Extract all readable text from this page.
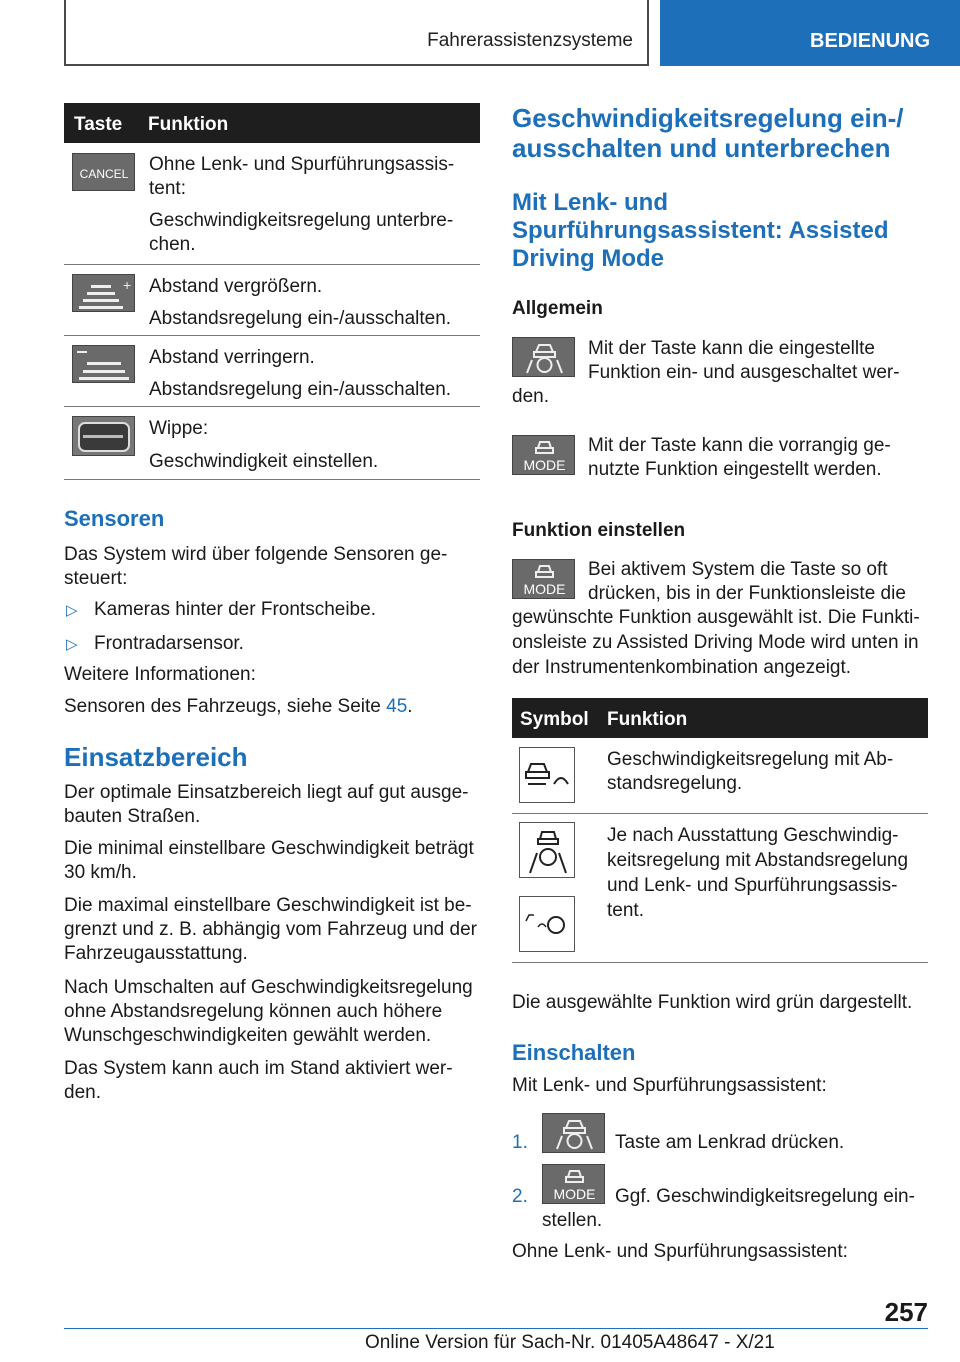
Fahrerassistenzsysteme	BEDIENUNG
Taste Funktion
CANCEL Ohne Lenk- und Spurführungsassis-
tent:
Geschwindigkeitsregelung unterbre-
chen.
+ Abstand vergrößern.
Abstandsregelung ein-/ausschalten.
Abstand verringern.
Abstandsregelung ein-/ausschalten.
Wippe:
Geschwindigkeit einstellen.
Sensoren
Das System wird über folgende Sensoren ge-
steuert:
▷ Kameras hinter der Frontscheibe.
▷ Frontradarsensor.
Weitere Informationen:
Sensoren des Fahrzeugs, siehe Seite 45.
Einsatzbereich
Der optimale Einsatzbereich liegt auf gut ausge-
bauten Straßen.
Die minimal einstellbare Geschwindigkeit beträgt
30 km/h.
Die maximal einstellbare Geschwindigkeit ist be-
grenzt und z. B. abhängig vom Fahrzeug und der
Fahrzeugausstattung.
Nach Umschalten auf Geschwindigkeitsregelung
ohne Abstandsregelung können auch höhere
Wunschgeschwindigkeiten gewählt werden.
Das System kann auch im Stand aktiviert wer-
den.
Geschwindigkeitsregelung ein-/
ausschalten und unterbrechen
Mit Lenk- und
Spurführungsassistent: Assisted
Driving Mode
Allgemein
Mit der Taste kann die eingestellte
Funktion ein- und ausgeschaltet wer-
den.
MODE
Mit der Taste kann die vorrangig ge-
nutzte Funktion eingestellt werden.
Funktion einstellen
MODE
Bei aktivem System die Taste so oft
drücken, bis in der Funktionsleiste die
gewünschte Funktion ausgewählt ist. Die Funkti-
onsleiste zu Assisted Driving Mode wird unten in
der Instrumentenkombination angezeigt.
Symbol Funktion
Geschwindigkeitsregelung mit Ab-
standsregelung.
Je nach Ausstattung Geschwindig-
keitsregelung mit Abstandsregelung
und Lenk- und Spurführungsassis-
tent.
Die ausgewählte Funktion wird grün dargestellt.
Einschalten
Mit Lenk- und Spurführungsassistent:
1.	Taste am Lenkrad drücken.
2. MODE Ggf. Geschwindigkeitsregelung ein-
stellen.
Ohne Lenk- und Spurführungsassistent:
257
Online Version für Sach-Nr. 01405A48647 - X/21
